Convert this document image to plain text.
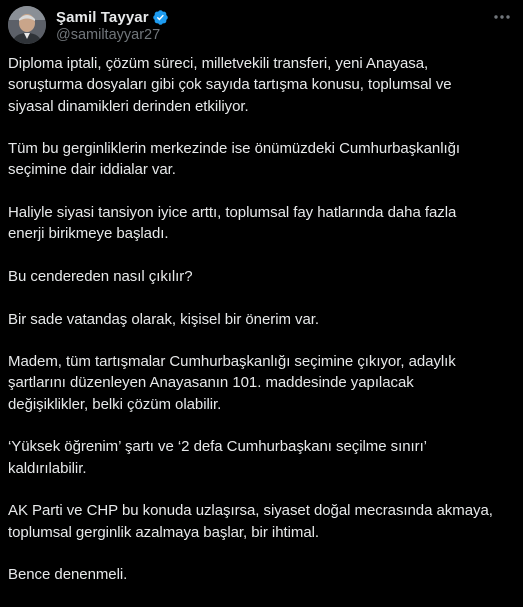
Şamil Tayyar
@samiltayyar27

Diploma iptali, çözüm süreci, milletvekili transferi, yeni Anayasa,
soruşturma dosyaları gibi çok sayıda tartışma konusu, toplumsal ve
siyasal dinamikleri derinden etkiliyor.

Tüm bu gerginliklerin merkezinde ise önümüzdeki Cumhurbaşkanlığı
seçimine dair iddialar var.

Haliyle siyasi tansiyon iyice arttı, toplumsal fay hatlarında daha fazla
enerji birikmeye başladı.

Bu cendereden nasıl çıkılır?

Bir sade vatandaş olarak, kişisel bir önerim var.

Madem, tüm tartışmalar Cumhurbaşkanlığı seçimine çıkıyor, adaylık
şartlarını düzenleyen Anayasanın 101. maddesinde yapılacak
değişiklikler, belki çözüm olabilir.

‘Yüksek öğrenim’ şartı ve ‘2 defa Cumhurbaşkanı seçilme sınırı’
kaldırılabilir.

AK Parti ve CHP bu konuda uzlaşırsa, siyaset doğal mecrasında akmaya,
toplumsal gerginlik azalmaya başlar, bir ihtimal.

Bence denenmeli.
